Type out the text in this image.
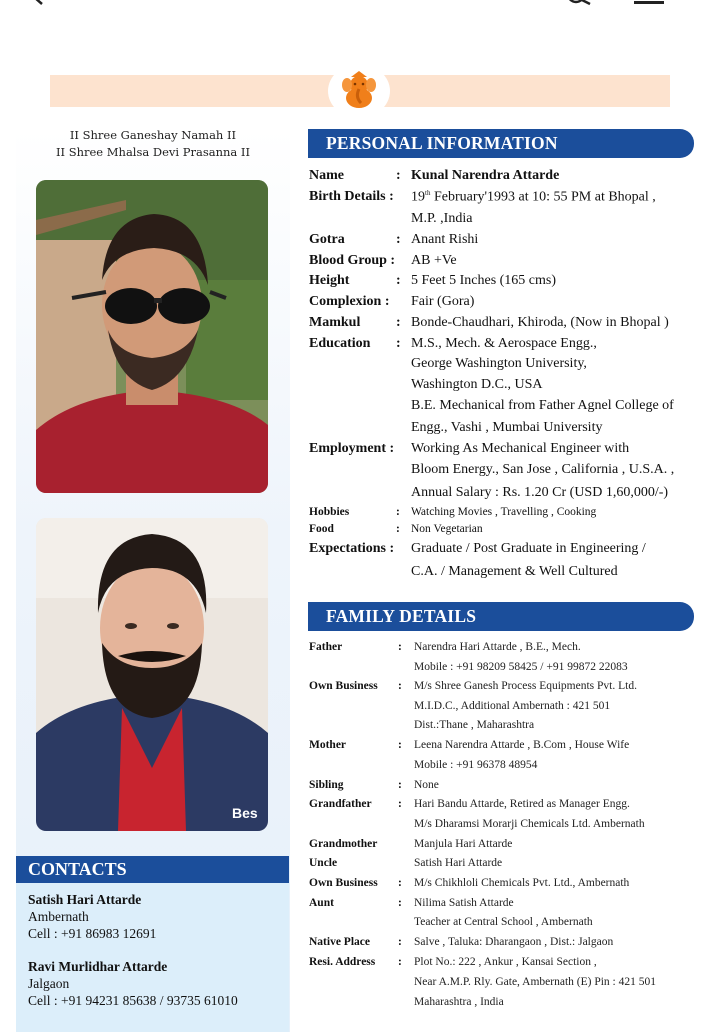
II Shree Ganeshay Namah II
II Shree Mhalsa Devi Prasanna II
Bes
CONTACTS
Satish Hari Attarde
Ambernath
Cell : +91 86983 12691
Ravi Murlidhar Attarde
Jalgaon
Cell : +91 94231 85638 / 93735 61010
PERSONAL INFORMATION
Name	: Kunal Narendra Attarde
Birth Details : 19th February'1993 at 10: 55 PM at Bhopal ,
M.P. ,India
Gotra	: Anant Rishi
Blood Group : AB +Ve
Height	: 5 Feet 5 Inches (165 cms)
Complexion : Fair (Gora)
Mamkul	: Bonde-Chaudhari, Khiroda, (Now in Bhopal )
Education : M.S., Mech. & Aerospace Engg.,
George Washington University,
Washington D.C., USA
B.E. Mechanical from Father Agnel College of
Engg., Vashi , Mumbai University
Employment : Working As Mechanical Engineer with
Bloom Energy., San Jose , California , U.S.A. ,
Annual Salary : Rs. 1.20 Cr (USD 1,60,000/-)
Hobbies	: Watching Movies , Travelling , Cooking
Food	: Non Vegetarian
Expectations : Graduate / Post Graduate in Engineering /
C.A. / Management & Well Cultured
FAMILY DETAILS
Father	: Narendra Hari Attarde , B.E., Mech.
Mobile : +91 98209 58425 / +91 99872 22083
Own Business : M/s Shree Ganesh Process Equipments Pvt. Ltd.
M.I.D.C., Additional Ambernath : 421 501
Dist.:Thane , Maharashtra
Mother	: Leena Narendra Attarde , B.Com , House Wife
Mobile : +91 96378 48954
Sibling	: None
Grandfather : Hari Bandu Attarde, Retired as Manager Engg.
M/s Dharamsi Morarji Chemicals Ltd. Ambernath
Grandmother	Manjula Hari Attarde
Uncle	Satish Hari Attarde
Own Business : M/s Chikhloli Chemicals Pvt. Ltd., Ambernath
Aunt	: Nilima Satish Attarde
Teacher at Central School , Ambernath
Native Place : Salve , Taluka: Dharangaon , Dist.: Jalgaon
Resi. Address : Plot No.: 222 , Ankur , Kansai Section ,
Near A.M.P. Rly. Gate, Ambernath (E) Pin : 421 501
Maharashtra , India
